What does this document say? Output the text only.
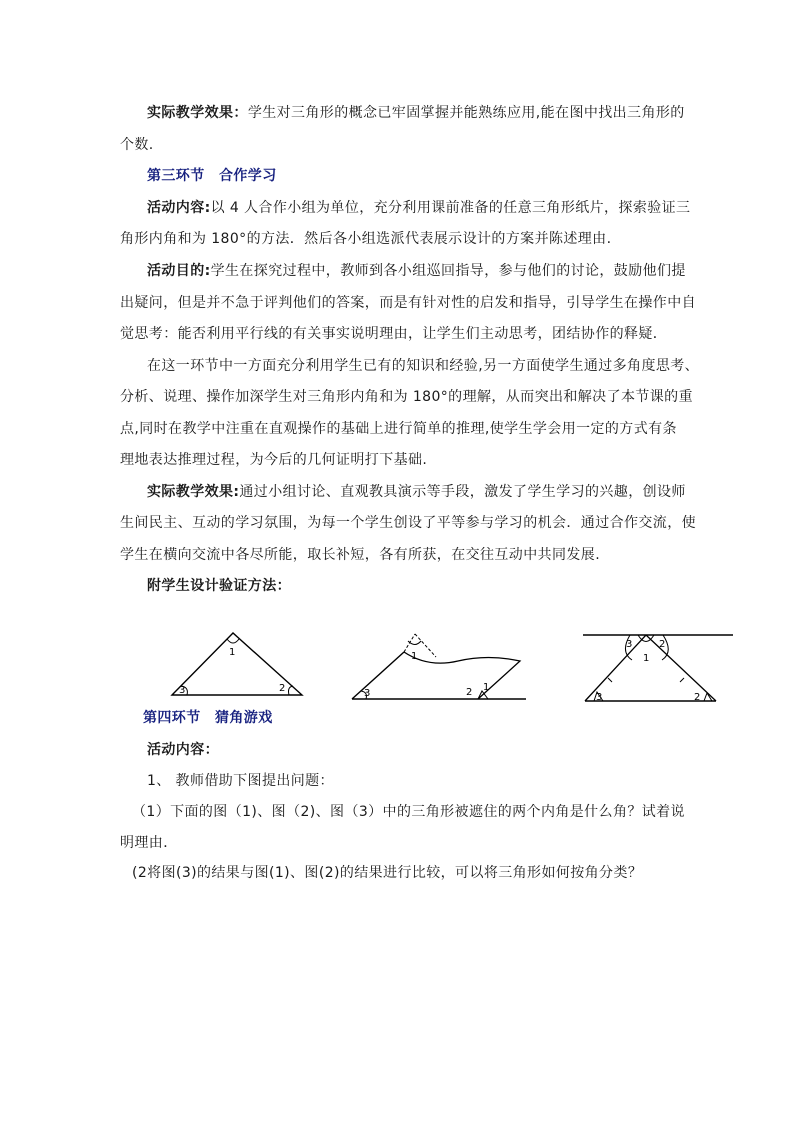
实际教学效果：学生对三角形的概念已牢固掌握并能熟练应用,能在图中找出三角形的

个数.

第三环节　合作学习

活动内容:以 4 人合作小组为单位，充分利用课前准备的任意三角形纸片，探索验证三

角形内角和为 180°的方法．然后各小组选派代表展示设计的方案并陈述理由.

活动目的:学生在探究过程中，教师到各小组巡回指导，参与他们的讨论，鼓励他们提

出疑问，但是并不急于评判他们的答案，而是有针对性的启发和指导，引导学生在操作中自

觉思考：能否利用平行线的有关事实说明理由，让学生们主动思考，团结协作的释疑．

在这一环节中一方面充分利用学生已有的知识和经验,另一方面使学生通过多角度思考、

分析、说理、操作加深学生对三角形内角和为 180°的理解，从而突出和解决了本节课的重

点,同时在教学中注重在直观操作的基础上进行简单的推理,使学生学会用一定的方式有条

理地表达推理过程，为今后的几何证明打下基础.

实际教学效果:通过小组讨论、直观教具演示等手段，激发了学生学习的兴趣，创设师

生间民主、互动的学习氛围，为每一个学生创设了平等参与学习的机会．通过合作交流，使

学生在横向交流中各尽所能，取长补短，各有所获，在交往互动中共同发展.

附学生设计验证方法：

1
2
3
1
2
3
1
1
2
3
2
3

第四环节　猜角游戏

活动内容：

1、 教师借助下图提出问题：

（1）下面的图（1)、图（2)、图（3）中的三角形被遮住的两个内角是什么角？试着说

明理由．

(2将图(3)的结果与图(1)、图(2)的结果进行比较，可以将三角形如何按角分类？
